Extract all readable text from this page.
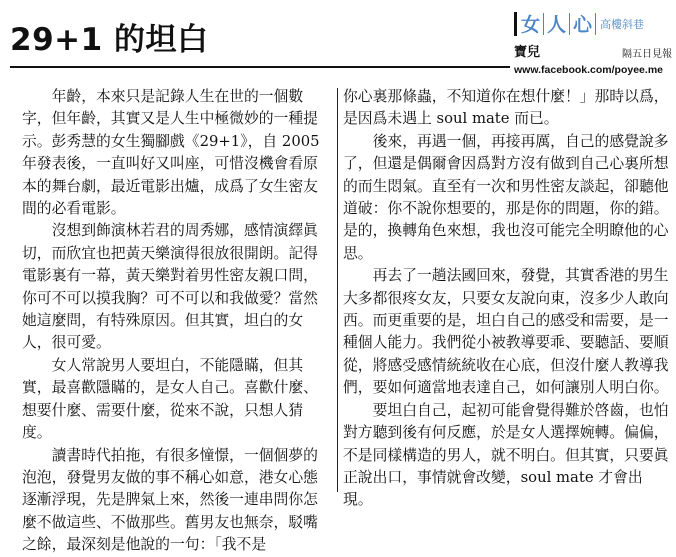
29+1 的坦白	女 人 心 高樓斜巷
寶兒	隔五日見報
www.facebook.com/poyee.me

年齡，本來只是記錄人生在世的一個數字，但年齡，其實又是人生中極微妙的一種提示。彭秀慧的女生獨腳戲《29+1》，自 2005 年發表後，一直叫好又叫座，可惜沒機會看原本的舞台劇，最近電影出爐，成爲了女生密友間的必看電影。

沒想到飾演林若君的周秀娜，感情演繹眞切，而欣宜也把黃天樂演得很放很開朗。記得電影裏有一幕，黃天樂對着男性密友親口問，你可不可以摸我胸？可不可以和我做愛？當然她這麼問，有特殊原因。但其實，坦白的女人，很可愛。

女人常說男人要坦白，不能隱瞞，但其實，最喜歡隱瞞的，是女人自己。喜歡什麼、想要什麼、需要什麼，從來不說，只想人猜度。

讀書時代拍拖，有很多憧憬，一個個夢的泡泡，發覺男友做的事不稱心如意，港女心態逐漸浮現，先是脾氣上來，然後一連串問你怎麼不做這些、不做那些。舊男友也無奈，駁嘴之餘，最深刻是他說的一句：「我不是

你心裏那條蟲，不知道你在想什麼！」那時以爲，是因爲未遇上 soul mate 而已。

後來，再遇一個，再接再厲，自己的感覺說多了，但還是偶爾會因爲對方沒有做到自己心裏所想的而生悶氣。直至有一次和男性密友談起，卻聽他道破：你不說你想要的，那是你的問題，你的錯。是的，換轉角色來想，我也沒可能完全明瞭他的心思。

再去了一趟法國回來，發覺，其實香港的男生大多都很疼女友，只要女友說向東，沒多少人敢向西。而更重要的是，坦白自己的感受和需要，是一種個人能力。我們從小被教導要乖、要聽話、要順從，將感受感情統統收在心底，但沒什麼人教導我們，要如何適當地表達自己，如何讓別人明白你。

要坦白自己，起初可能會覺得難於啓齒，也怕對方聽到後有何反應，於是女人選擇婉轉。偏偏，不是同樣構造的男人，就不明白。但其實，只要眞正說出口，事情就會改變，soul mate 才會出現。
